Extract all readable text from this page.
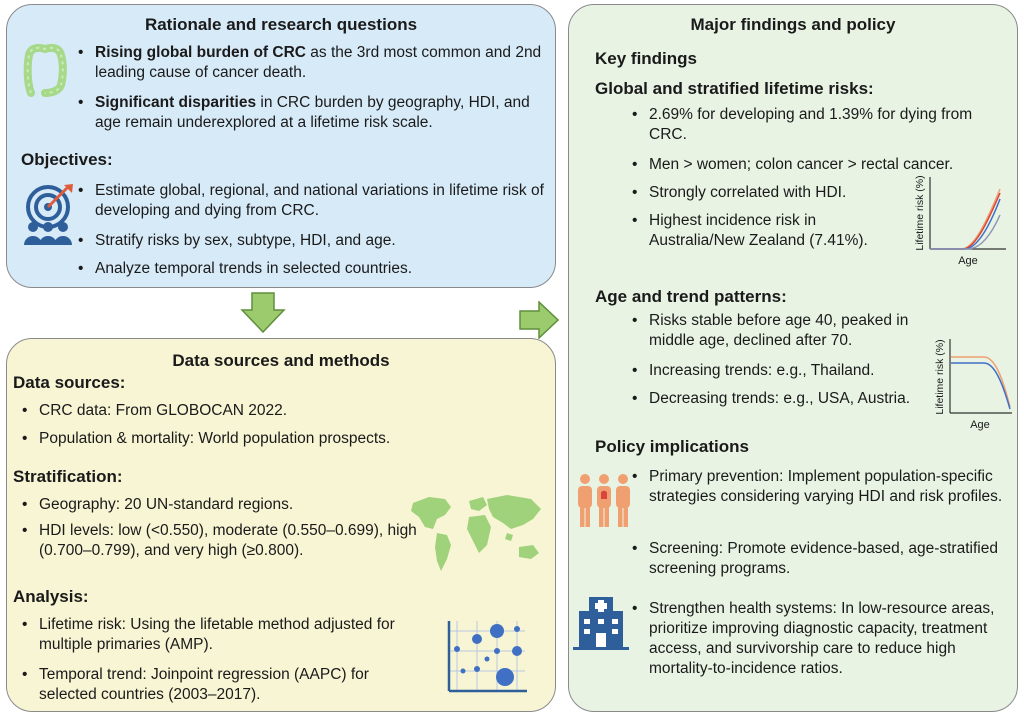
Rationale and research questions
• Rising global burden of CRC as the 3rd most common and 2nd leading cause of cancer death.
• Significant disparities in CRC burden by geography, HDI, and age remain underexplored at a lifetime risk scale.
Objectives:
• Estimate global, regional, and national variations in lifetime risk of developing and dying from CRC.
• Stratify risks by sex, subtype, HDI, and age.
• Analyze temporal trends in selected countries.
Data sources and methods
Data sources:
• CRC data: From GLOBOCAN 2022.
• Population & mortality: World population prospects.
Stratification:
• Geography: 20 UN-standard regions.
• HDI levels: low (<0.550), moderate (0.550–0.699), high (0.700–0.799), and very high (≥0.800).
Analysis:
• Lifetime risk: Using the lifetable method adjusted for multiple primaries (AMP).
• Temporal trend: Joinpoint regression (AAPC) for selected countries (2003–2017).
Major findings and policy
Key findings
Global and stratified lifetime risks:
• 2.69% for developing and 1.39% for dying from CRC.
• Men > women; colon cancer > rectal cancer.
• Strongly correlated with HDI.
• Highest incidence risk in Australia/New Zealand (7.41%).	Lifetime risk (%)
Age
Age and trend patterns:
• Risks stable before age 40, peaked in middle age, declined after 70.
• Increasing trends: e.g., Thailand.
• Decreasing trends: e.g., USA, Austria.	Lifetime risk (%)
Age
Policy implications
• Primary prevention: Implement population-specific strategies considering varying HDI and risk profiles.
• Screening: Promote evidence-based, age-stratified screening programs.
• Strengthen health systems: In low-resource areas, prioritize improving diagnostic capacity, treatment access, and survivorship care to reduce high mortality-to-incidence ratios.
